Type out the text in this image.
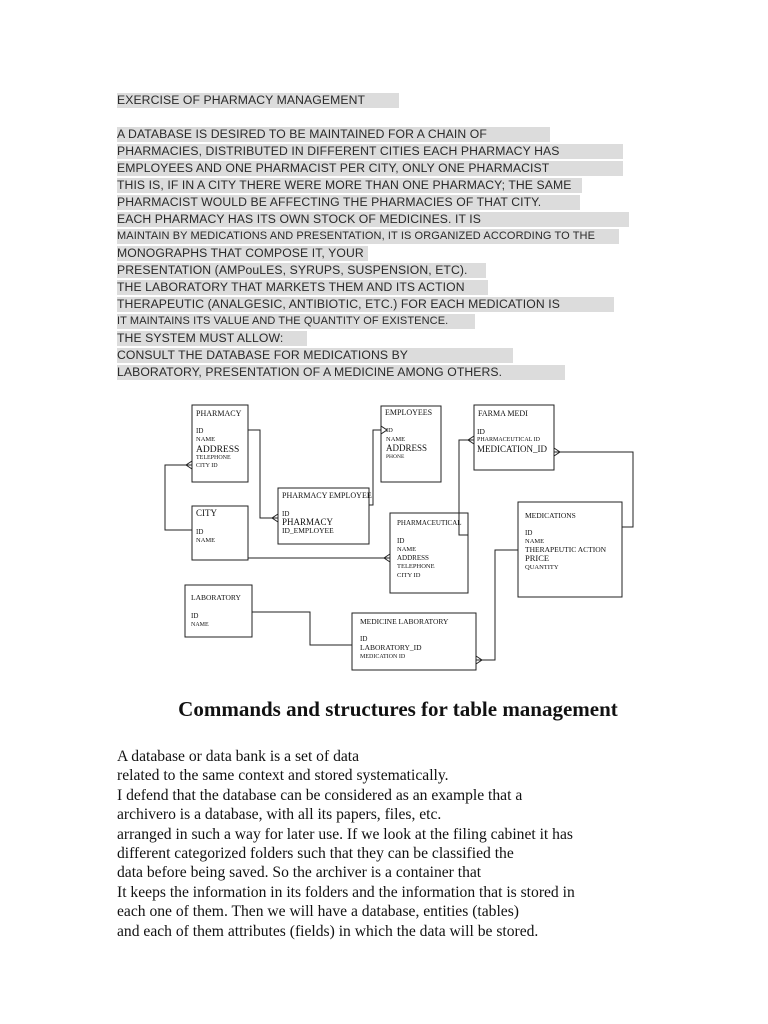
EXERCISE OF PHARMACY MANAGEMENT
A DATABASE IS DESIRED TO BE MAINTAINED FOR A CHAIN OF
PHARMACIES, DISTRIBUTED IN DIFFERENT CITIES EACH PHARMACY HAS
EMPLOYEES AND ONE PHARMACIST PER CITY, ONLY ONE PHARMACIST
THIS IS, IF IN A CITY THERE WERE MORE THAN ONE PHARMACY; THE SAME
PHARMACIST WOULD BE AFFECTING THE PHARMACIES OF THAT CITY.
EACH PHARMACY HAS ITS OWN STOCK OF MEDICINES. IT IS
MAINTAIN BY MEDICATIONS AND PRESENTATION, IT IS ORGANIZED ACCORDING TO THE
MONOGRAPHS THAT COMPOSE IT, YOUR
PRESENTATION (AMPouLES, SYRUPS, SUSPENSION, ETC).
THE LABORATORY THAT MARKETS THEM AND ITS ACTION
THERAPEUTIC (ANALGESIC, ANTIBIOTIC, ETC.) FOR EACH MEDICATION IS
IT MAINTAINS ITS VALUE AND THE QUANTITY OF EXISTENCE.
THE SYSTEM MUST ALLOW:
CONSULT THE DATABASE FOR MEDICATIONS BY
LABORATORY, PRESENTATION OF A MEDICINE AMONG OTHERS.
PHARMACY
ID
NAME
ADDRESS
TELEPHONE
CITY ID
EMPLOYEES
ID
NAME
ADDRESS
PHONE
FARMA MEDI
ID
PHARMACEUTICAL ID
MEDICATION_ID
CITY
ID
NAME
PHARMACY EMPLOYEE
ID
PHARMACY
ID_EMPLOYEE
PHARMACEUTICAL
ID
NAME
ADDRESS
TELEPHONE
CITY ID
MEDICATIONS
ID
NAME
THERAPEUTIC ACTION
PRICE
QUANTITY
LABORATORY
ID
NAME	MEDICINE LABORATORY
ID
LABORATORY_ID
MEDICATION ID
Commands and structures for table management
A database or data bank is a set of data
related to the same context and stored systematically.
I defend that the database can be considered as an example that a
archivero is a database, with all its papers, files, etc.
arranged in such a way for later use. If we look at the filing cabinet it has
different categorized folders such that they can be classified the
data before being saved. So the archiver is a container that
It keeps the information in its folders and the information that is stored in
each one of them. Then we will have a database, entities (tables)
and each of them attributes (fields) in which the data will be stored.
